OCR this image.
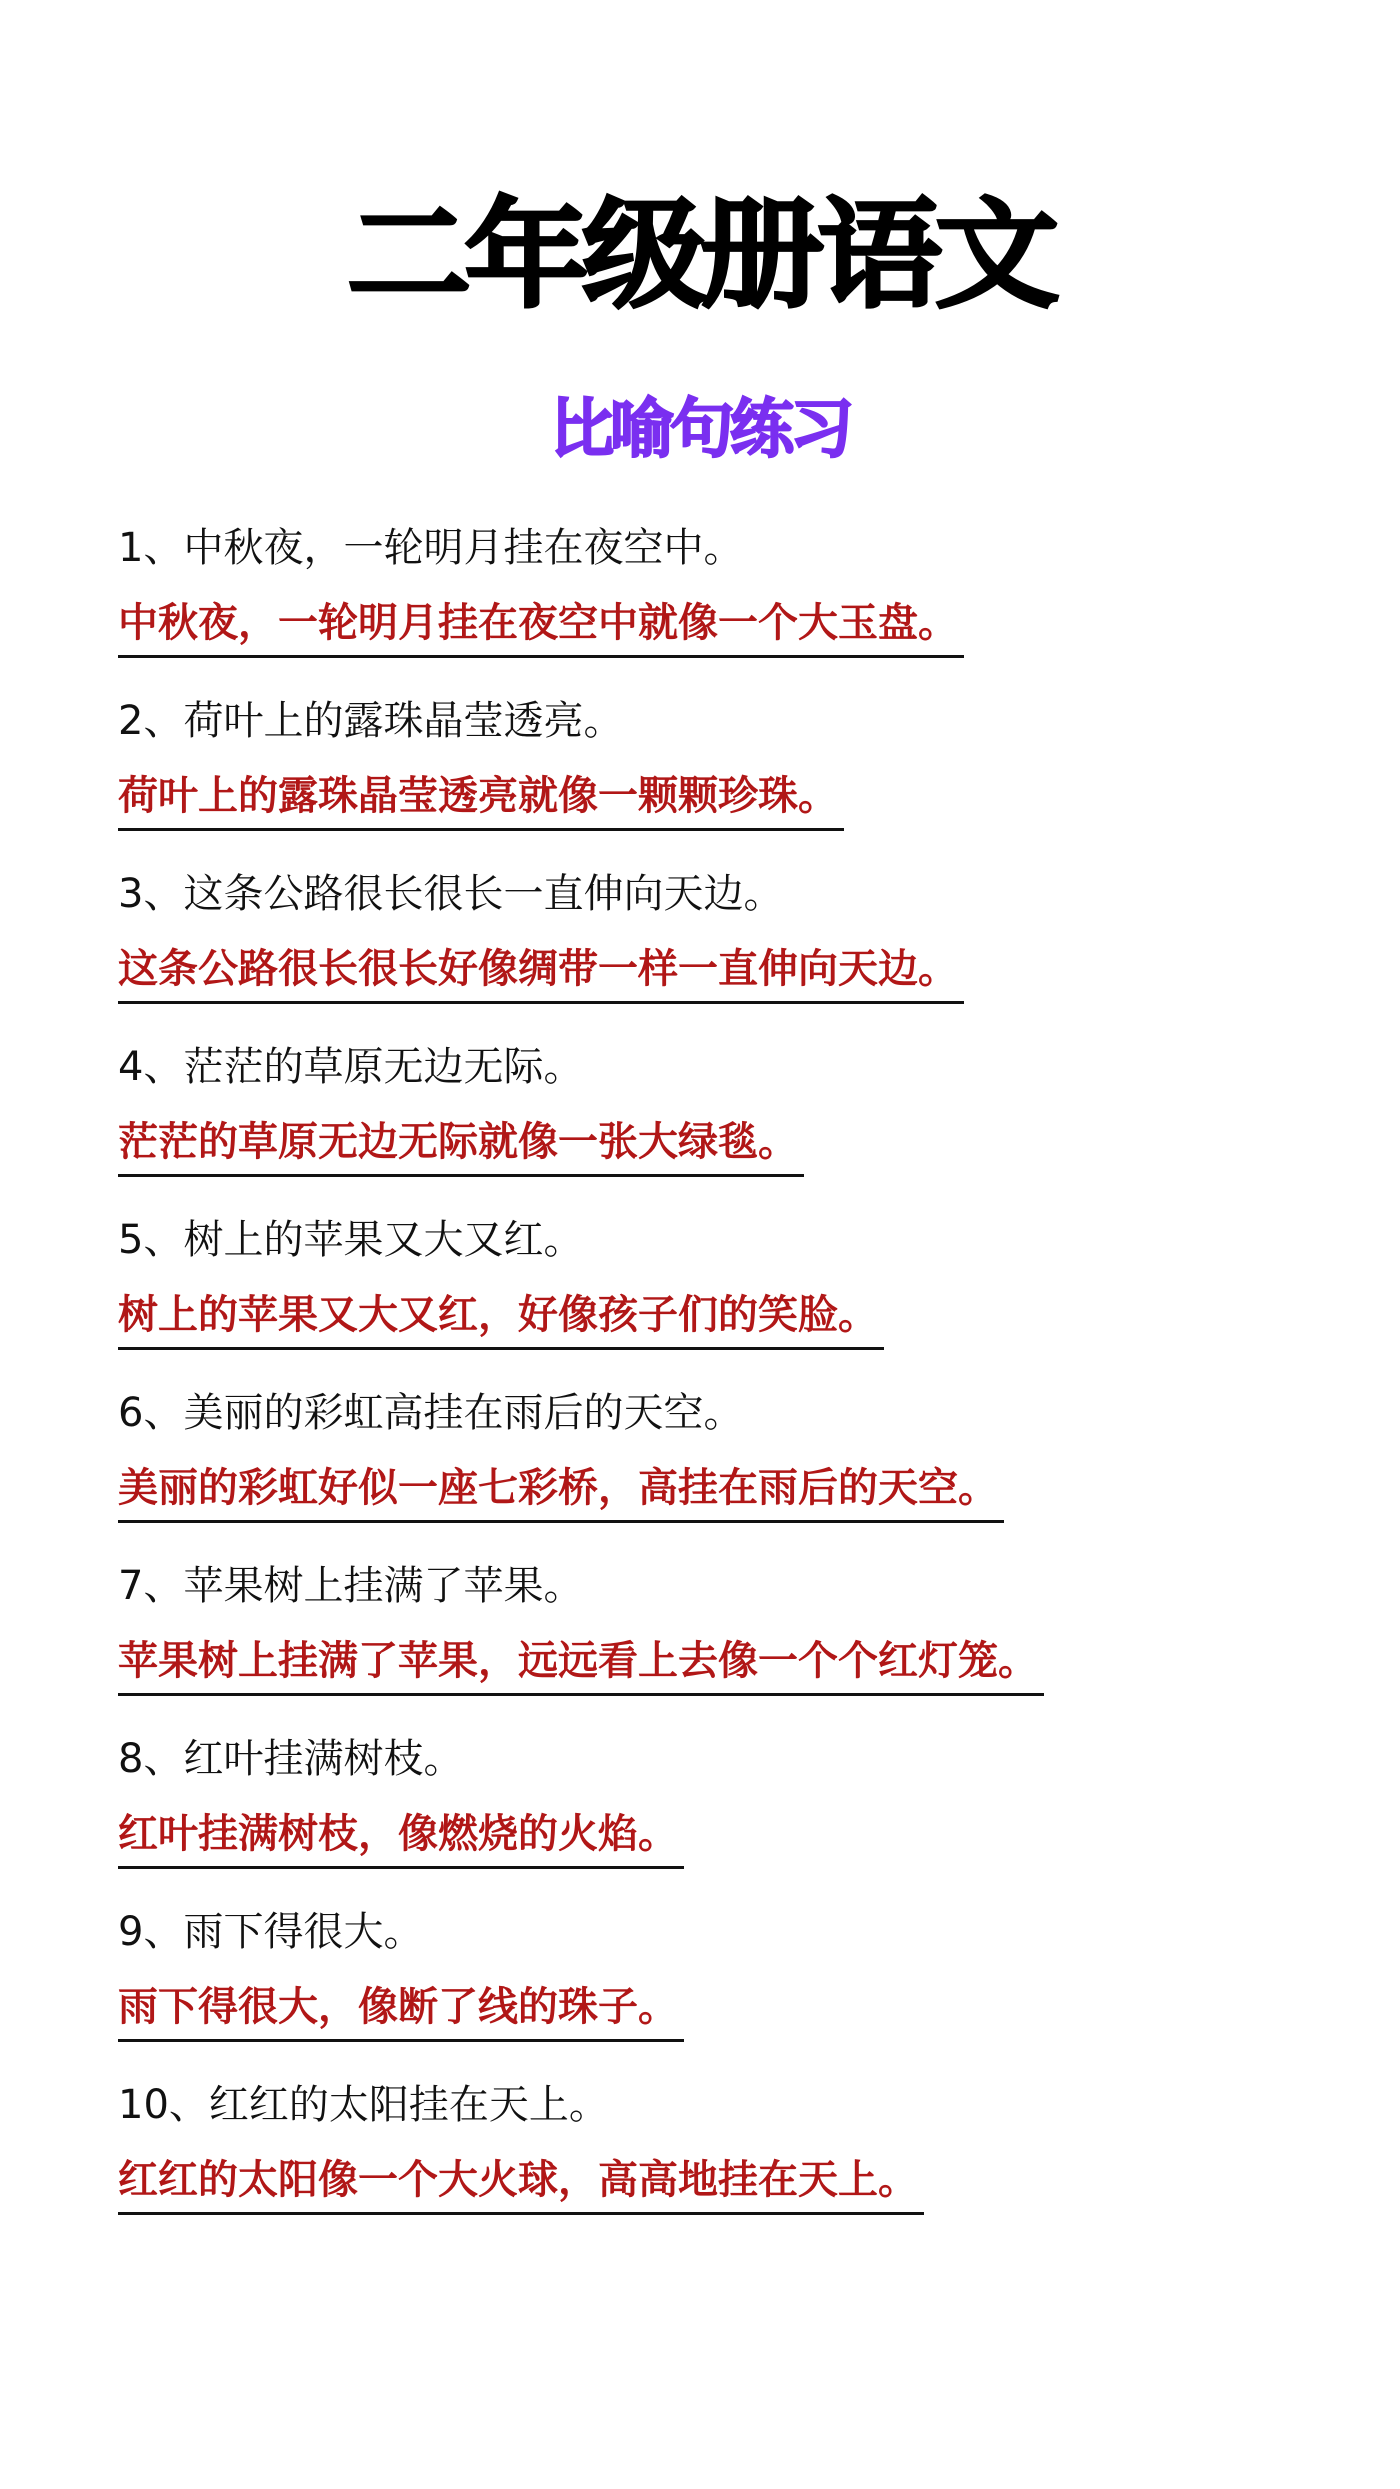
二年级册语文
比喻句练习
1、中秋夜，一轮明月挂在夜空中。
中秋夜，一轮明月挂在夜空中就像一个大玉盘。
2、荷叶上的露珠晶莹透亮。
荷叶上的露珠晶莹透亮就像一颗颗珍珠。
3、这条公路很长很长一直伸向天边。
这条公路很长很长好像绸带一样一直伸向天边。
4、茫茫的草原无边无际。
茫茫的草原无边无际就像一张大绿毯。
5、树上的苹果又大又红。
树上的苹果又大又红，好像孩子们的笑脸。
6、美丽的彩虹高挂在雨后的天空。
美丽的彩虹好似一座七彩桥，高挂在雨后的天空。
7、苹果树上挂满了苹果。
苹果树上挂满了苹果，远远看上去像一个个红灯笼。
8、红叶挂满树枝。
红叶挂满树枝，像燃烧的火焰。
9、雨下得很大。
雨下得很大，像断了线的珠子。
10、红红的太阳挂在天上。
红红的太阳像一个大火球，高高地挂在天上。
